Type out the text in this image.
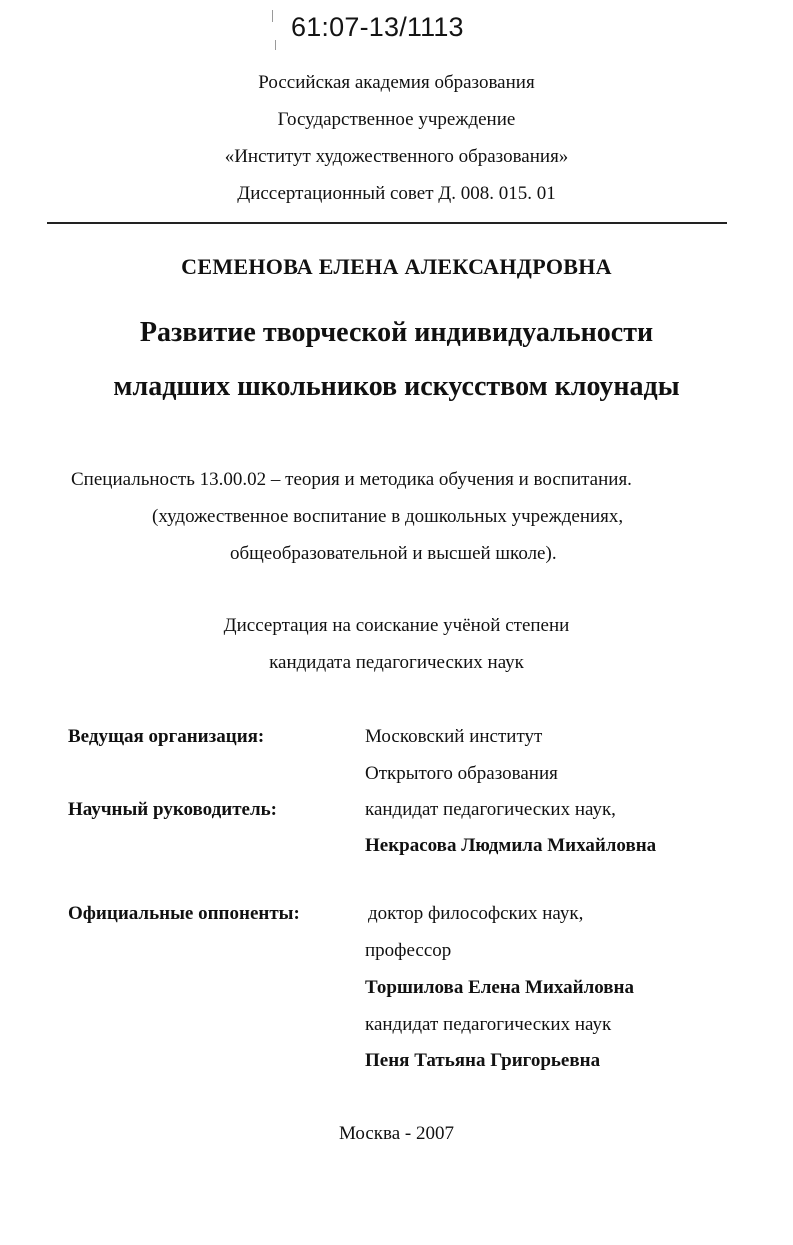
61:07-13/1113
Российская академия образования
Государственное учреждение
«Институт художественного образования»
Диссертационный совет Д. 008. 015. 01
СЕМЕНОВА ЕЛЕНА АЛЕКСАНДРОВНА
Развитие творческой индивидуальности
младших школьников искусством клоунады
Специальность 13.00.02 – теория и методика обучения и воспитания.
(художественное воспитание в дошкольных учреждениях,
общеобразовательной и высшей школе).
Диссертация на соискание учёной степени
кандидата педагогических наук
Ведущая организация:	Московский институт
Открытого образования
Научный руководитель:	кандидат педагогических наук,
Некрасова Людмила Михайловна
Официальные оппоненты:	доктор философских наук,
профессор
Торшилова Елена Михайловна
кандидат педагогических наук
Пеня Татьяна Григорьевна
Москва - 2007
